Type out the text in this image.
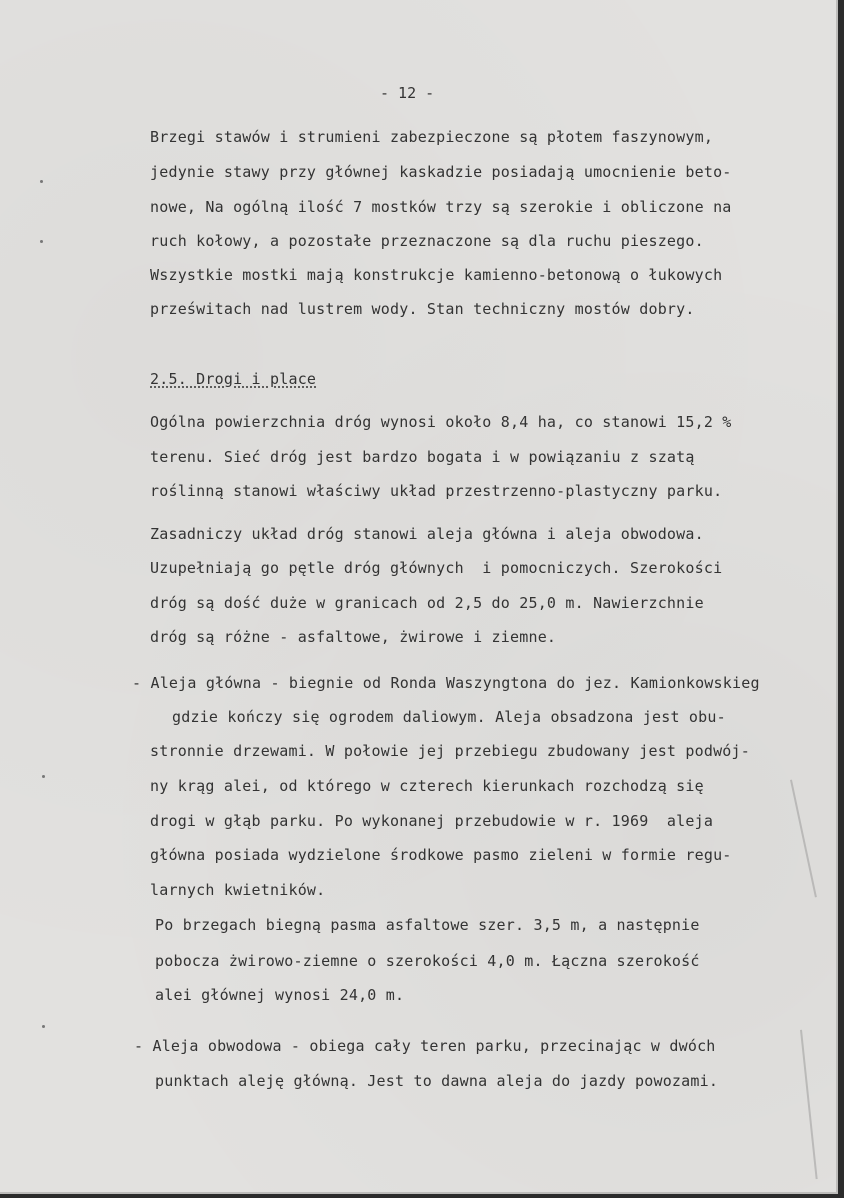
- 12 -
Brzegi stawów i strumieni zabezpieczone są płotem faszynowym,
jedynie stawy przy głównej kaskadzie posiadają umocnienie beto-
nowe, Na ogólną ilość 7 mostków trzy są szerokie i obliczone na
ruch kołowy, a pozostałe przeznaczone są dla ruchu pieszego.
Wszystkie mostki mają konstrukcje kamienno-betonową o łukowych
prześwitach nad lustrem wody. Stan techniczny mostów dobry.
2.5. Drogi i place
Ogólna powierzchnia dróg wynosi około 8,4 ha, co stanowi 15,2 %
terenu. Sieć dróg jest bardzo bogata i w powiązaniu z szatą
roślinną stanowi właściwy układ przestrzenno-plastyczny parku.
Zasadniczy układ dróg stanowi aleja główna i aleja obwodowa.
Uzupełniają go pętle dróg głównych  i pomocniczych. Szerokości
dróg są dość duże w granicach od 2,5 do 25,0 m. Nawierzchnie
dróg są różne - asfaltowe, żwirowe i ziemne.
- Aleja główna - biegnie od Ronda Waszyngtona do jez. Kamionkowskieg
gdzie kończy się ogrodem daliowym. Aleja obsadzona jest obu-
stronnie drzewami. W połowie jej przebiegu zbudowany jest podwój-
ny krąg alei, od którego w czterech kierunkach rozchodzą się
drogi w głąb parku. Po wykonanej przebudowie w r. 1969  aleja
główna posiada wydzielone środkowe pasmo zieleni w formie regu-
larnych kwietników.
Po brzegach biegną pasma asfaltowe szer. 3,5 m, a następnie
pobocza żwirowo-ziemne o szerokości 4,0 m. Łączna szerokość
alei głównej wynosi 24,0 m.
- Aleja obwodowa - obiega cały teren parku, przecinając w dwóch
punktach aleję główną. Jest to dawna aleja do jazdy powozami.
